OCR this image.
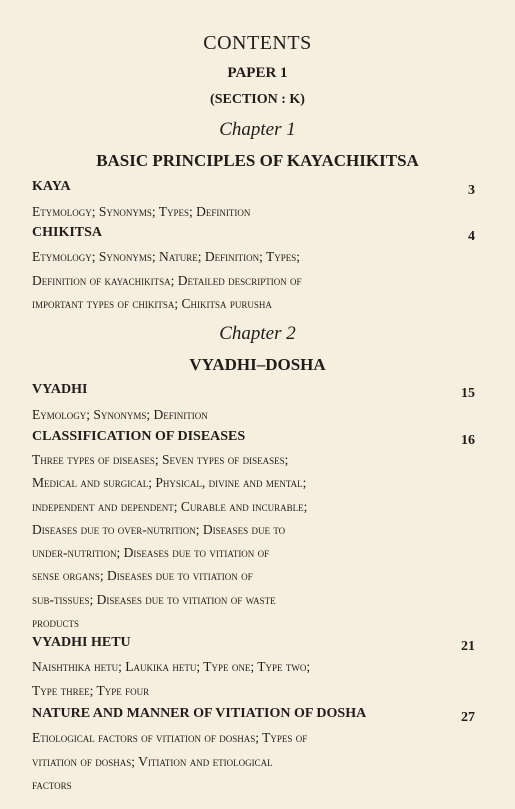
CONTENTS
PAPER 1
(SECTION : K)
Chapter 1
BASIC PRINCIPLES OF KAYACHIKITSA
KAYA	3
Etymology; Synonyms; Types; Definition
CHIKITSA	4
Etymology; Synonyms; Nature; Definition; Types;
Definition of kayachikitsa; Detailed description of
important types of chikitsa; Chikitsa purusha
Chapter 2
VYADHI–DOSHA
VYADHI	15
Eymology; Synonyms; Definition
CLASSIFICATION OF DISEASES	16
Three types of diseases; Seven types of diseases;
Medical and surgical; Physical, divine and mental;
independent and dependent; Curable and incurable;
Diseases due to over-nutrition; Diseases due to
under-nutrition; Diseases due to vitiation of
sense organs; Diseases due to vitiation of
sub-tissues; Diseases due to vitiation of waste
products
VYADHI HETU	21
Naishthika hetu; Laukika hetu; Type one; Type two;
Type three; Type four
NATURE AND MANNER OF VITIATION OF DOSHA	27
Etiological factors of vitiation of doshas; Types of
vitiation of doshas; Vitiation and etiological
factors
